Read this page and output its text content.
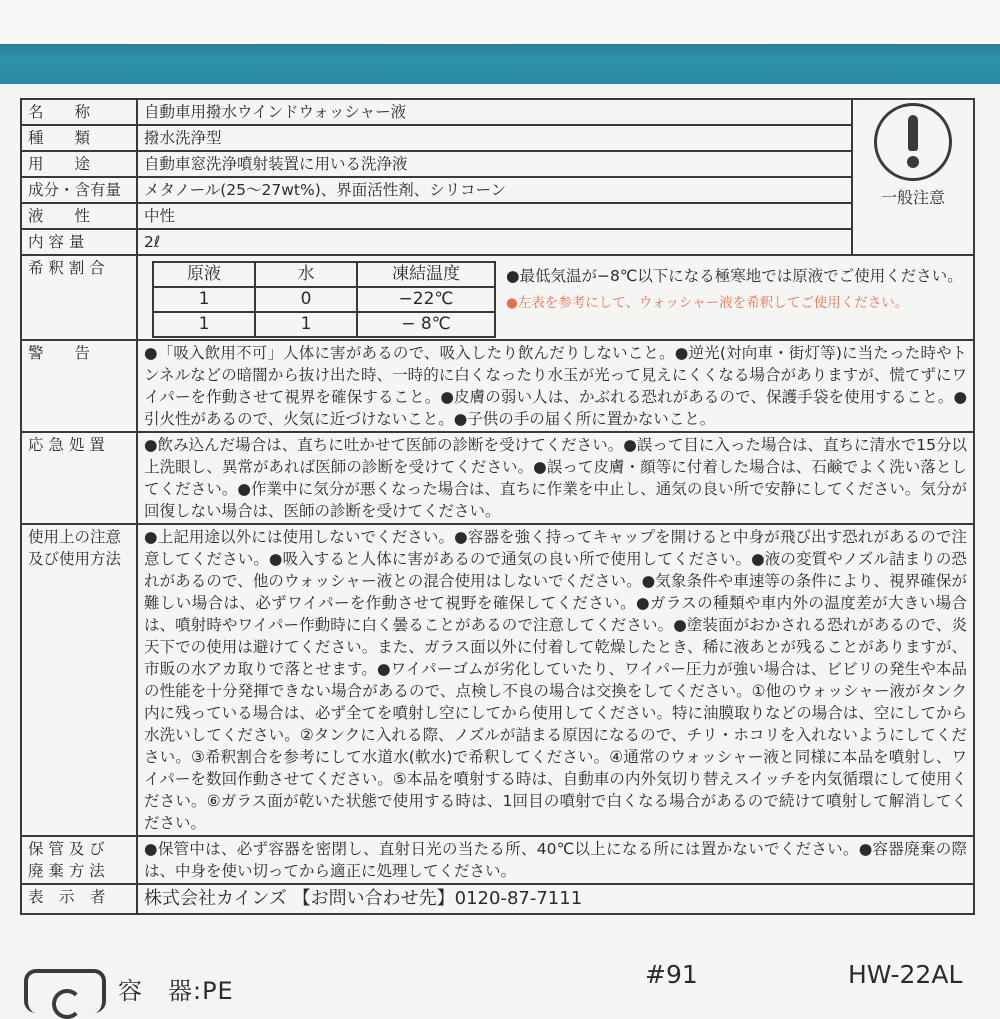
名　　称	自動車用撥水ウインドウォッシャー液	
一般注意

種　　類	撥水洗浄型
用　　途	自動車窓洗浄噴射装置に用いる洗浄液
成分・含有量	メタノール(25〜27wt%)、界面活性剤、シリコーン
液　　性	中性
内 容 量	2ℓ
希 釈 割 合		原液	水	凍結温度
1	0	−22℃
1	1	− 8℃
●最低気温が−8℃以下になる極寒地では原液でご使用ください。
●左表を参考にして、ウォッシャー液を希釈してご使用ください。

警　　告	●「吸入飲用不可」人体に害があるので、吸入したり飲んだりしないこと。●逆光(対向車・街灯等)に当たった時やトンネルなどの暗闇から抜け出た時、一時的に白くなったり水玉が光って見えにくくなる場合がありますが、慌てずにワイパーを作動させて視界を確保すること。●皮膚の弱い人は、かぶれる恐れがあるので、保護手袋を使用すること。●引火性があるので、火気に近づけないこと。●子供の手の届く所に置かないこと。
応 急 処 置	●飲み込んだ場合は、直ちに吐かせて医師の診断を受けてください。●誤って目に入った場合は、直ちに清水で15分以上洗眼し、異常があれば医師の診断を受けてください。●誤って皮膚・顔等に付着した場合は、石鹸でよく洗い落としてください。●作業中に気分が悪くなった場合は、直ちに作業を中止し、通気の良い所で安静にしてください。気分が回復しない場合は、医師の診断を受けてください。

使用上の注意
及び使用方法
	●上記用途以外には使用しないでください。●容器を強く持ってキャップを開けると中身が飛び出す恐れがあるので注意してください。●吸入すると人体に害があるので通気の良い所で使用してください。●液の変質やノズル詰まりの恐れがあるので、他のウォッシャー液との混合使用はしないでください。●気象条件や車速等の条件により、視界確保が難しい場合は、必ずワイパーを作動させて視野を確保してください。●ガラスの種類や車内外の温度差が大きい場合は、噴射時やワイパー作動時に白く曇ることがあるので注意してください。●塗装面がおかされる恐れがあるので、炎天下での使用は避けてください。また、ガラス面以外に付着して乾燥したとき、稀に液あとが残ることがありますが、市販の水アカ取りで落とせます。●ワイパーゴムが劣化していたり、ワイパー圧力が強い場合は、ビビリの発生や本品の性能を十分発揮できない場合があるので、点検し不良の場合は交換をしてください。①他のウォッシャー液がタンク内に残っている場合は、必ず全てを噴射し空にしてから使用してください。特に油膜取りなどの場合は、空にしてから水洗いしてください。②タンクに入れる際、ノズルが詰まる原因になるので、チリ・ホコリを入れないようにしてください。③希釈割合を参考にして水道水(軟水)で希釈してください。④通常のウォッシャー液と同様に本品を噴射し、ワイパーを数回作動させてください。⑤本品を噴射する時は、自動車の内外気切り替えスイッチを内気循環にして使用ください。⑥ガラス面が乾いた状態で使用する時は、1回目の噴射で白くなる場合があるので続けて噴射して解消してください。

保 管 及 び
廃 棄 方 法
	●保管中は、必ず容器を密閉し、直射日光の当たる所、40℃以上になる所には置かないでください。●容器廃棄の際は、中身を使い切ってから適正に処理してください。
表　示　者	株式会社カインズ 【お問い合わせ先】0120-87-7111
容　器:PE
#91	HW-22AL
